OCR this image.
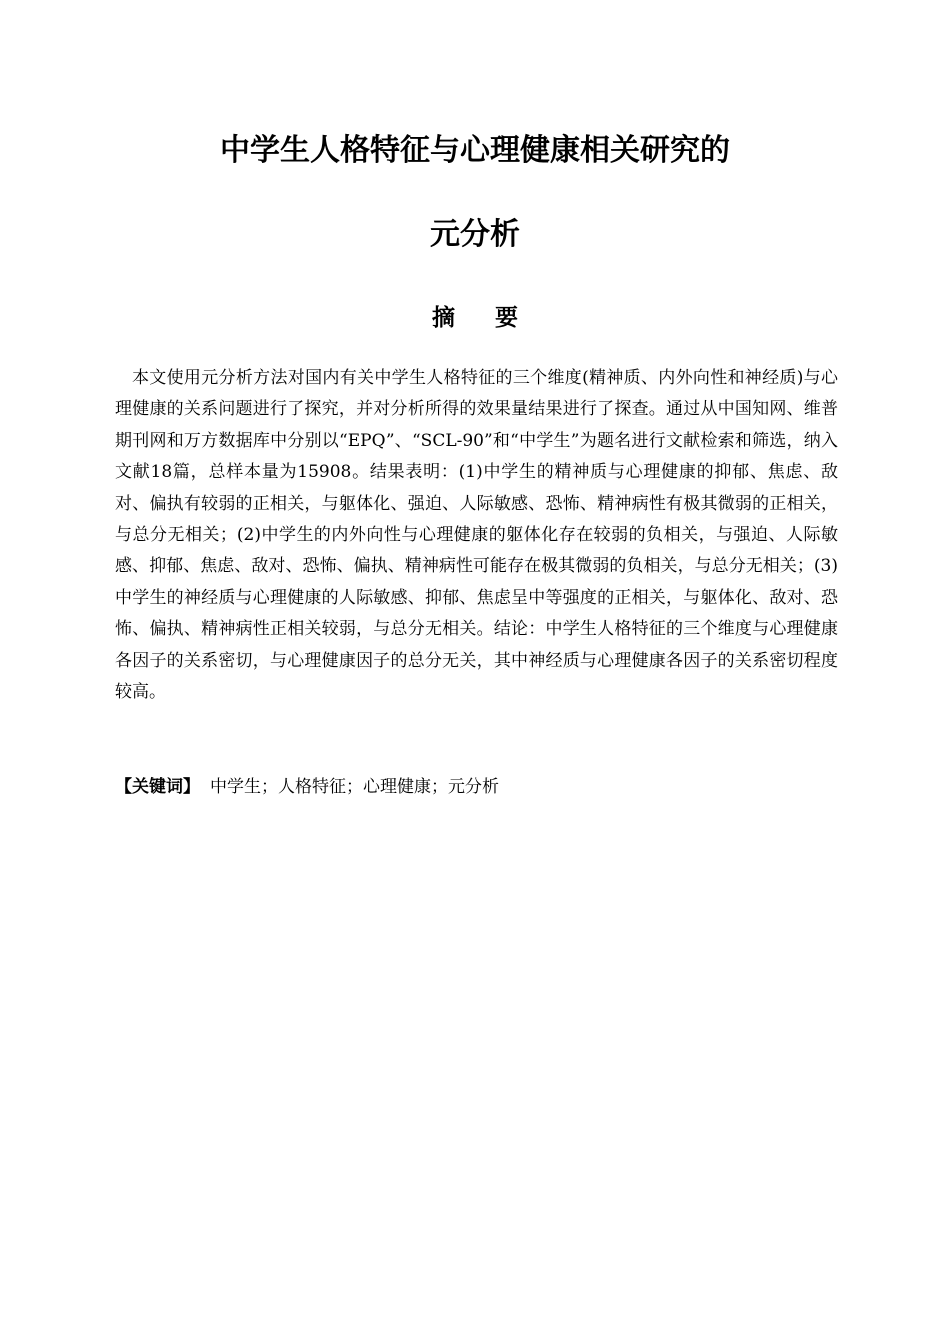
中学生人格特征与心理健康相关研究的
元分析
摘要

本文使用元分析方法对国内有关中学生人格特征的三个维度(精神质、内外向性和神经质)与心理健康的关系问题进行了探究，并对分析所得的效果量结果进行了探查。通过从中国知网、维普期刊网和万方数据库中分别以“EPQ”、“SCL-90”和“中学生”为题名进行文献检索和筛选，纳入文献18篇，总样本量为15908。结果表明：(1)中学生的精神质与心理健康的抑郁、焦虑、敌对、偏执有较弱的正相关，与躯体化、强迫、人际敏感、恐怖、精神病性有极其微弱的正相关，与总分无相关；(2)中学生的内外向性与心理健康的躯体化存在较弱的负相关，与强迫、人际敏感、抑郁、焦虑、敌对、恐怖、偏执、精神病性可能存在极其微弱的负相关，与总分无相关；(3)中学生的神经质与心理健康的人际敏感、抑郁、焦虑呈中等强度的正相关，与躯体化、敌对、恐怖、偏执、精神病性正相关较弱，与总分无相关。结论：中学生人格特征的三个维度与心理健康各因子的关系密切，与心理健康因子的总分无关，其中神经质与心理健康各因子的关系密切程度较高。

【关键词】 中学生；人格特征；心理健康；元分析
